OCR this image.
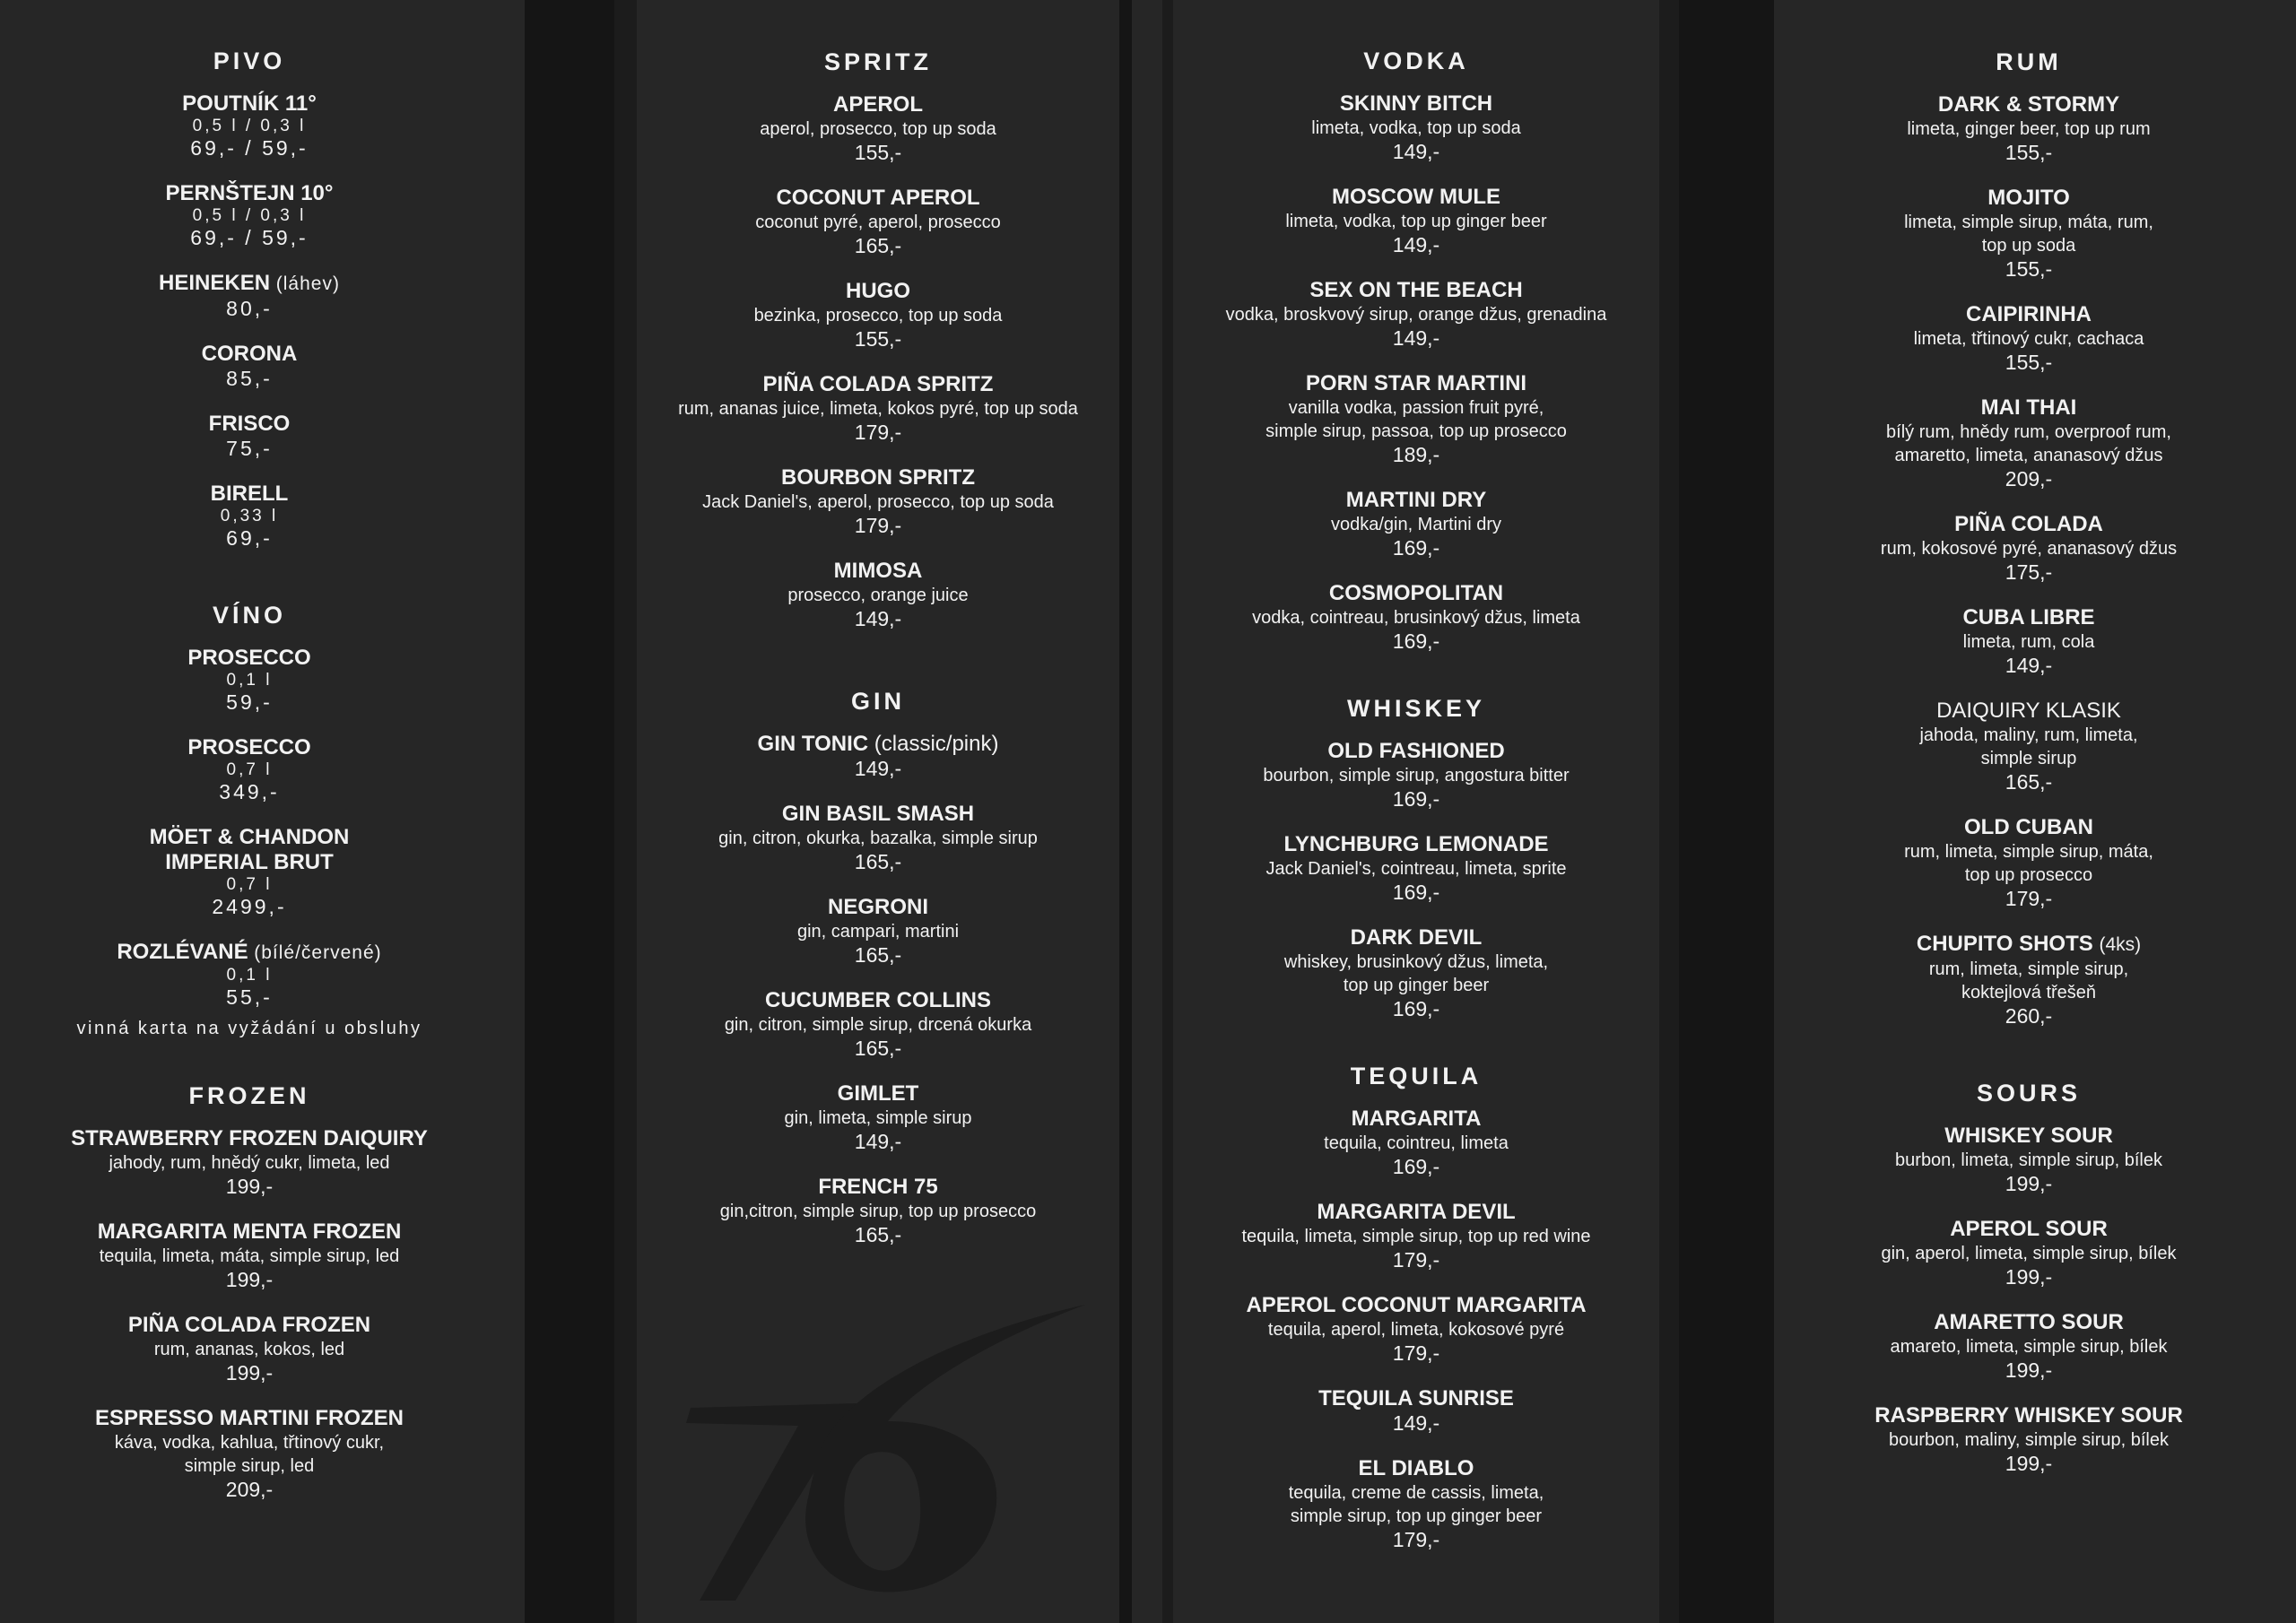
PIVO
POUTNÍK 11°
0,5 l / 0,3 l
69,- / 59,-
PERNŠTEJN 10°
0,5 l / 0,3 l
69,- / 59,-
HEINEKEN (láhev)
80,-
CORONA
85,-
FRISCO
75,-
BIRELL
0,33 l
69,-
VÍNO
PROSECCO
0,1 l
59,-
PROSECCO
0,7 l
349,-
MÖET & CHANDON
IMPERIAL BRUT
0,7 l
2499,-
ROZLÉVANÉ (bílé/červené)
0,1 l
55,-
vinná karta na vyžádání u obsluhy
FROZEN
STRAWBERRY FROZEN DAIQUIRY
jahody, rum, hnědý cukr, limeta, led
199,-
MARGARITA MENTA FROZEN
tequila, limeta, máta, simple sirup, led
199,-
PIÑA COLADA FROZEN
rum, ananas, kokos, led
199,-
ESPRESSO MARTINI FROZEN
káva, vodka, kahlua, třtinový cukr,
simple sirup, led
209,-
SPRITZ
APEROL
aperol, prosecco, top up soda
155,-
COCONUT APEROL
coconut pyré, aperol, prosecco
165,-
HUGO
bezinka, prosecco, top up soda
155,-
PIÑA COLADA SPRITZ
rum, ananas juice, limeta, kokos pyré, top up soda
179,-
BOURBON SPRITZ
Jack Daniel's, aperol, prosecco, top up soda
179,-
MIMOSA
prosecco, orange juice
149,-
GIN
GIN TONIC (classic/pink)
149,-
GIN BASIL SMASH
gin, citron, okurka, bazalka, simple sirup
165,-
NEGRONI
gin, campari, martini
165,-
CUCUMBER COLLINS
gin, citron, simple sirup, drcená okurka
165,-
GIMLET
gin, limeta, simple sirup
149,-
FRENCH 75
gin,citron, simple sirup, top up prosecco
165,-
VODKA
SKINNY BITCH
limeta, vodka, top up soda
149,-
MOSCOW MULE
limeta, vodka, top up ginger beer
149,-
SEX ON THE BEACH
vodka, broskvový sirup, orange džus, grenadina
149,-
PORN STAR MARTINI
vanilla vodka, passion fruit pyré,
simple sirup, passoa, top up prosecco
189,-
MARTINI DRY
vodka/gin, Martini dry
169,-
COSMOPOLITAN
vodka, cointreau, brusinkový džus, limeta
169,-
WHISKEY
OLD FASHIONED
bourbon, simple sirup, angostura bitter
169,-
LYNCHBURG LEMONADE
Jack Daniel's, cointreau, limeta, sprite
169,-
DARK DEVIL
whiskey, brusinkový džus, limeta,
top up ginger beer
169,-
TEQUILA
MARGARITA
tequila, cointreu, limeta
169,-
MARGARITA DEVIL
tequila, limeta, simple sirup, top up red wine
179,-
APEROL COCONUT MARGARITA
tequila, aperol, limeta, kokosové pyré
179,-
TEQUILA SUNRISE
149,-
EL DIABLO
tequila, creme de cassis, limeta,
simple sirup, top up ginger beer
179,-
RUM
DARK & STORMY
limeta, ginger beer, top up rum
155,-
MOJITO
limeta, simple sirup, máta, rum,
top up soda
155,-
CAIPIRINHA
limeta, třtinový cukr, cachaca
155,-
MAI THAI
bílý rum, hnědy rum, overproof rum,
amaretto, limeta, ananasový džus
209,-
PIÑA COLADA
rum, kokosové pyré, ananasový džus
175,-
CUBA LIBRE
limeta, rum, cola
149,-
DAIQUIRY KLASIK
jahoda, maliny, rum, limeta,
simple sirup
165,-
OLD CUBAN
rum, limeta, simple sirup, máta,
top up prosecco
179,-
CHUPITO SHOTS (4ks)
rum, limeta, simple sirup,
koktejlová třešeň
260,-
SOURS
WHISKEY SOUR
burbon, limeta, simple sirup, bílek
199,-
APEROL SOUR
gin, aperol, limeta, simple sirup, bílek
199,-
AMARETTO SOUR
amareto, limeta, simple sirup, bílek
199,-
RASPBERRY WHISKEY SOUR
bourbon, maliny, simple sirup, bílek
199,-
